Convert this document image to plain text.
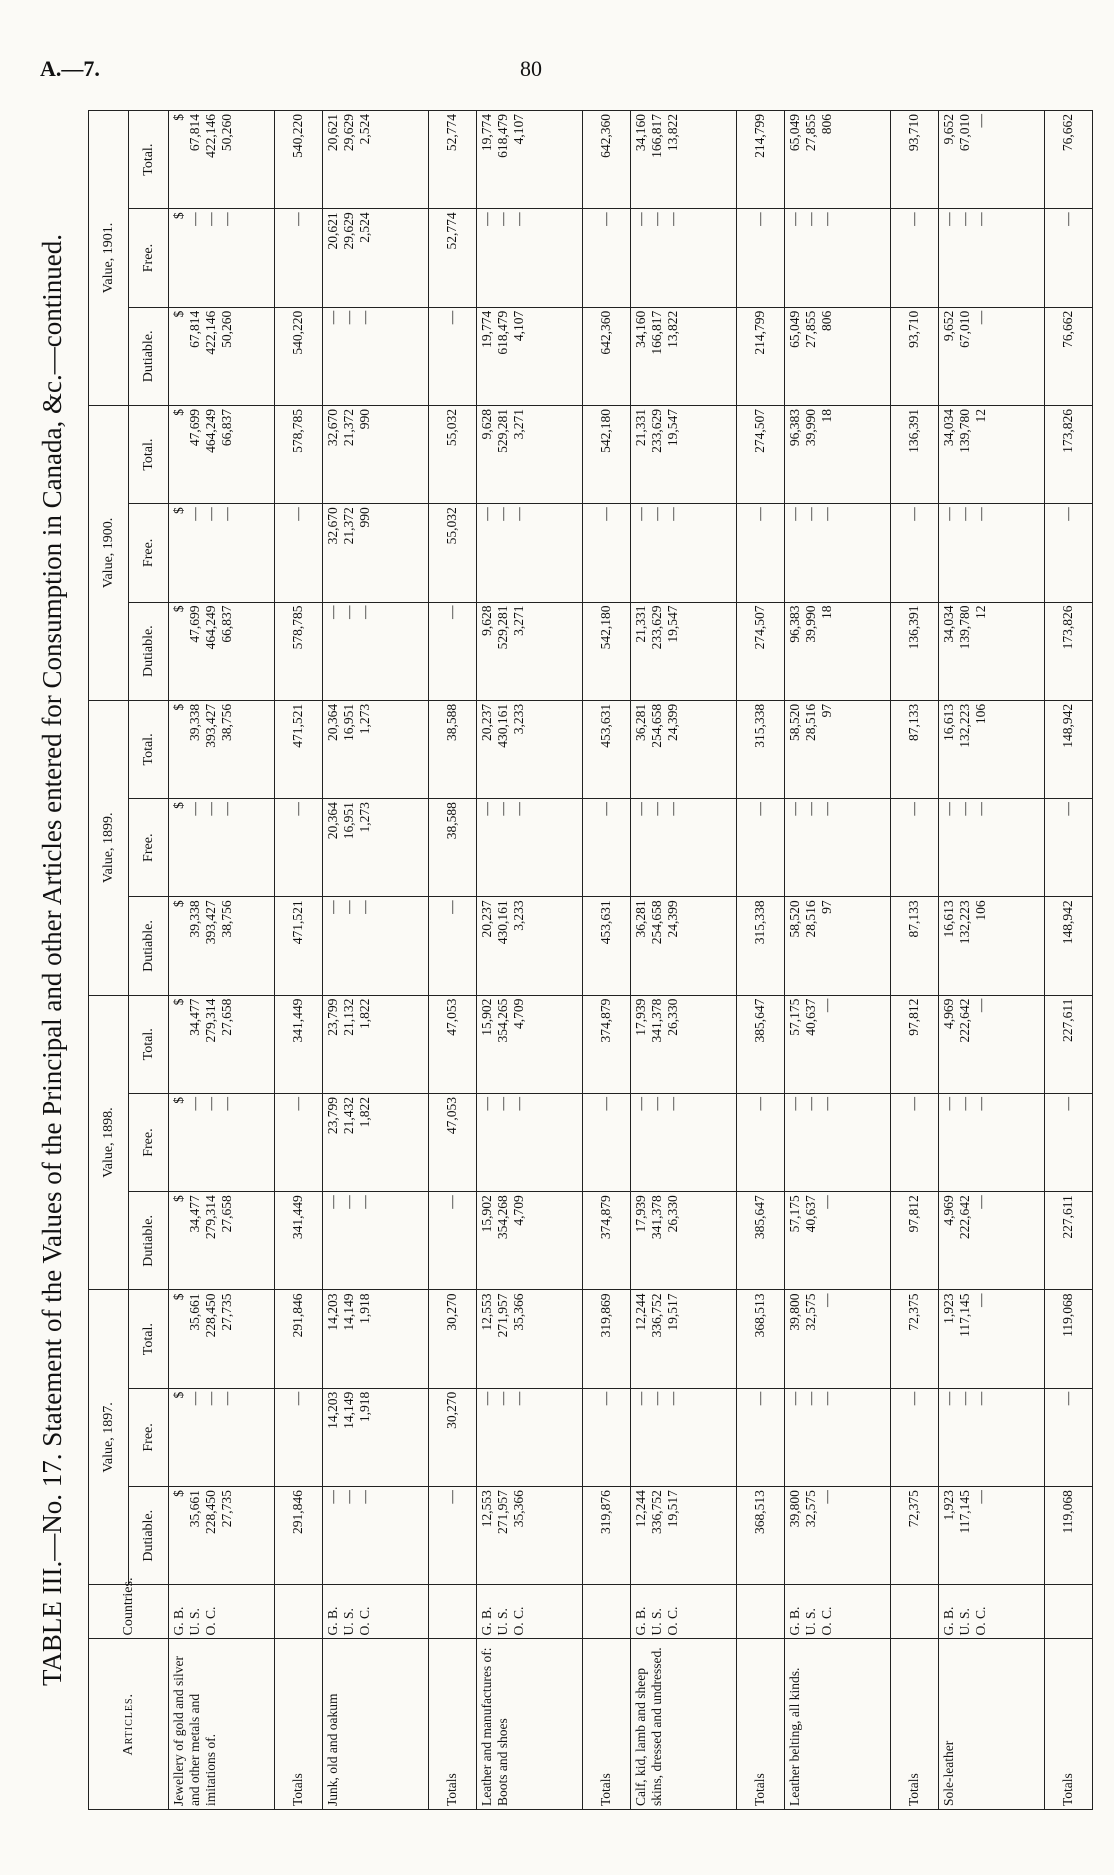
A.—7.	80
TABLE III.—No. 17. Statement of the Values of the Principal and other Articles entered for Consumption in Canada, &c.—continued.
Articles.	Countries.	Value, 1897.			Value, 1898.			Value, 1899.			Value, 1900.			Value, 1901.		
		Dutiable.	Free.	Total.	Dutiable.	Free.	Total.	Dutiable.	Free.	Total.	Dutiable.	Free.	Total.	Dutiable.	Free.	Total.
Jewellery of gold and silver and other metals and imitations of.	G. B.
U. S.
O. C.	$
35,661
228,450
27,735	$
—
—
—	$
35,661
228,450
27,735	$
34,477
279,314
27,658	$
—
—
—	$
34,477
279,314
27,658	$
39,338
393,427
38,756	$
—
—
—	$
39,338
393,427
38,756	$
47,699
464,249
66,837	$
—
—
—	$
47,699
464,249
66,837	$
67,814
422,146
50,260	$
—
—
—	$
67,814
422,146
50,260
Totals		291,846	—	291,846	341,449	—	341,449	471,521	—	471,521	578,785	—	578,785	540,220	—	540,220
Junk, old and oakum	G. B.
U. S.
O. C.	—
—
—	14,203
14,149
1,918	14,203
14,149
1,918	—
—
—	23,799
21,432
1,822	23,799
21,132
1,822	—
—
—	20,364
16,951
1,273	20,364
16,951
1,273	—
—
—	32,670
21,372
990	32,670
21,372
990	—
—
—	20,621
29,629
2,524	20,621
29,629
2,524
Totals		—	30,270	30,270	—	47,053	47,053	—	38,588	38,588	—	55,032	55,032	—	52,774	52,774
Leather and manufactures of:
Boots and shoes	G. B.
U. S.
O. C.	12,553
271,957
35,366	—
—
—	12,553
271,957
35,366	15,902
354,268
4,709	—
—
—	15,902
354,265
4,709	20,237
430,161
3,233	—
—
—	20,237
430,161
3,233	9,628
529,281
3,271	—
—
—	9,628
529,281
3,271	19,774
618,479
4,107	—
—
—	19,774
618,479
4,107
Totals		319,876	—	319,869	374,879	—	374,879	453,631	—	453,631	542,180	—	542,180	642,360	—	642,360
Calf, kid, lamb and sheep skins, dressed and undressed.	G. B.
U. S.
O. C.	12,244
336,752
19,517	—
—
—	12,244
336,752
19,517	17,939
341,378
26,330	—
—
—	17,939
341,378
26,330	36,281
254,658
24,399	—
—
—	36,281
254,658
24,399	21,331
233,629
19,547	—
—
—	21,331
233,629
19,547	34,160
166,817
13,822	—
—
—	34,160
166,817
13,822
Totals		368,513	—	368,513	385,647	—	385,647	315,338	—	315,338	274,507	—	274,507	214,799	—	214,799
Leather belting, all kinds.	G. B.
U. S.
O. C.	39,800
32,575
—	—
—
—	39,800
32,575
—	57,175
40,637
—	—
—
—	57,175
40,637
—	58,520
28,516
97	—
—
—	58,520
28,516
97	96,383
39,990
18	—
—
—	96,383
39,990
18	65,049
27,855
806	—
—
—	65,049
27,855
806
Totals		72,375	—	72,375	97,812	—	97,812	87,133	—	87,133	136,391	—	136,391	93,710	—	93,710
Sole-leather	G. B.
U. S.
O. C.	1,923
117,145
—	—
—
—	1,923
117,145
—	4,969
222,642
—	—
—
—	4,969
222,642
—	16,613
132,223
106	—
—
—	16,613
132,223
106	34,034
139,780
12	—
—
—	34,034
139,780
12	9,652
67,010
—	—
—
—	9,652
67,010
—
Totals		119,068	—	119,068	227,611	—	227,611	148,942	—	148,942	173,826	—	173,826	76,662	—	76,662
